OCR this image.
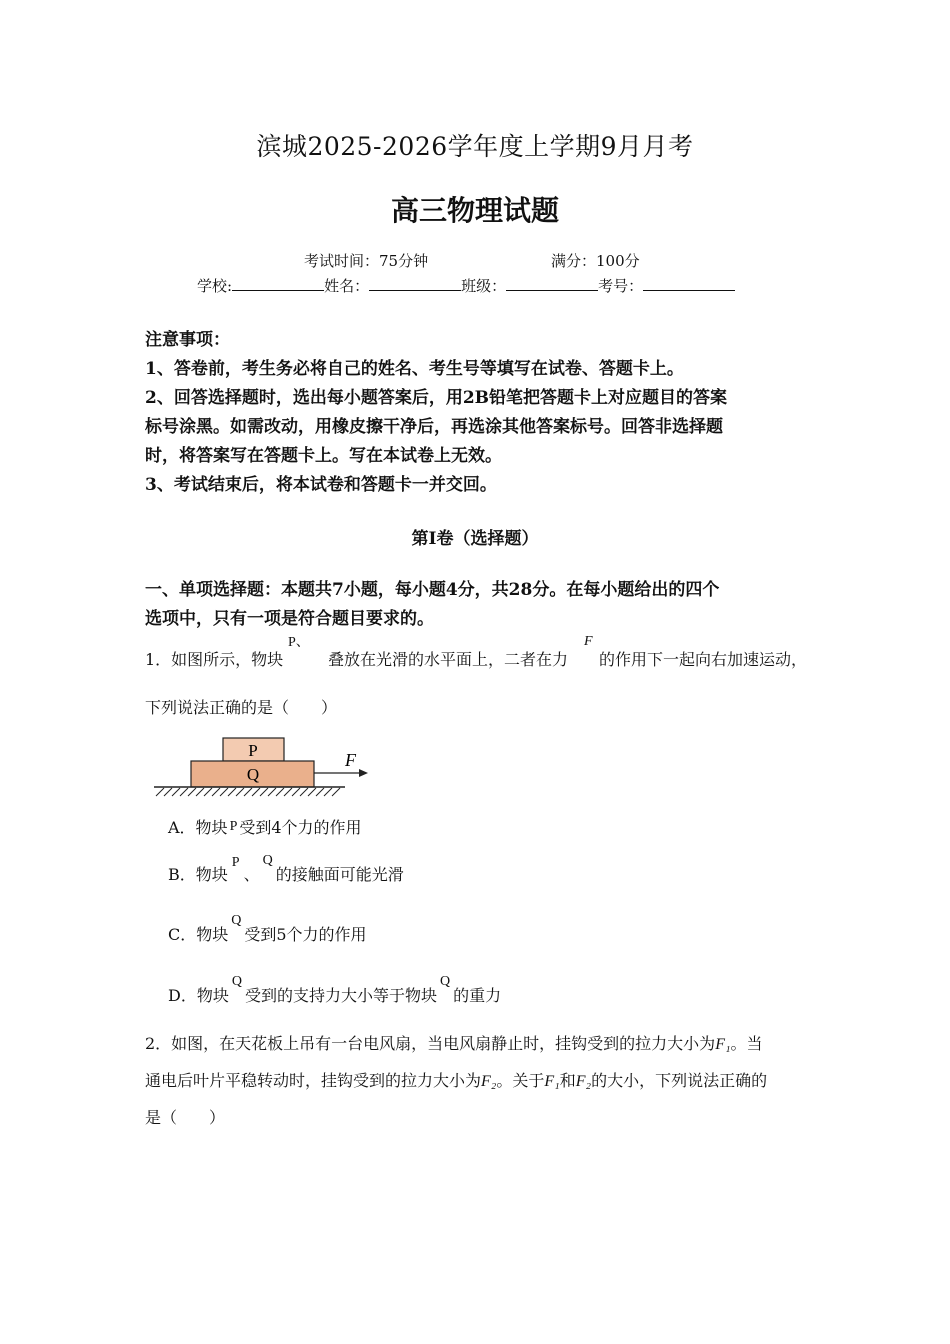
滨城2025-2026学年度上学期9月月考
高三物理试题
考试时间：75分钟	满分：100分
学校:	姓名：	班级：	考号：
注意事项：
1、答卷前，考生务必将自己的姓名、考生号等填写在试卷、答题卡上。
2、回答选择题时，选出每小题答案后，用2B铅笔把答题卡上对应题目的答案
标号涂黑。如需改动，用橡皮擦干净后，再选涂其他答案标号。回答非选择题
时，将答案写在答题卡上。写在本试卷上无效。
3、考试结束后，将本试卷和答题卡一并交回。
第Ⅰ卷（选择题）
一、单项选择题：本题共7小题，每小题4分，共28分。在每小题给出的四个
选项中，只有一项是符合题目要求的。
1．如图所示，物块
P、
叠放在光滑的水平面上，二者在力
F
的作用下一起向右加速运动，
下列说法正确的是（　　）
P
Q
F
A．物块 P 受到4个力的作用
B．物块P、Q的接触面可能光滑
C．物块Q受到5个力的作用
D．物块Q受到的支持力大小等于物块Q的重力
2．如图，在天花板上吊有一台电风扇，当电风扇静止时，挂钩受到的拉力大小为F₁。当
通电后叶片平稳转动时，挂钩受到的拉力大小为F₂。关于F₁和F₂的大小，下列说法正确的
是（　　）
